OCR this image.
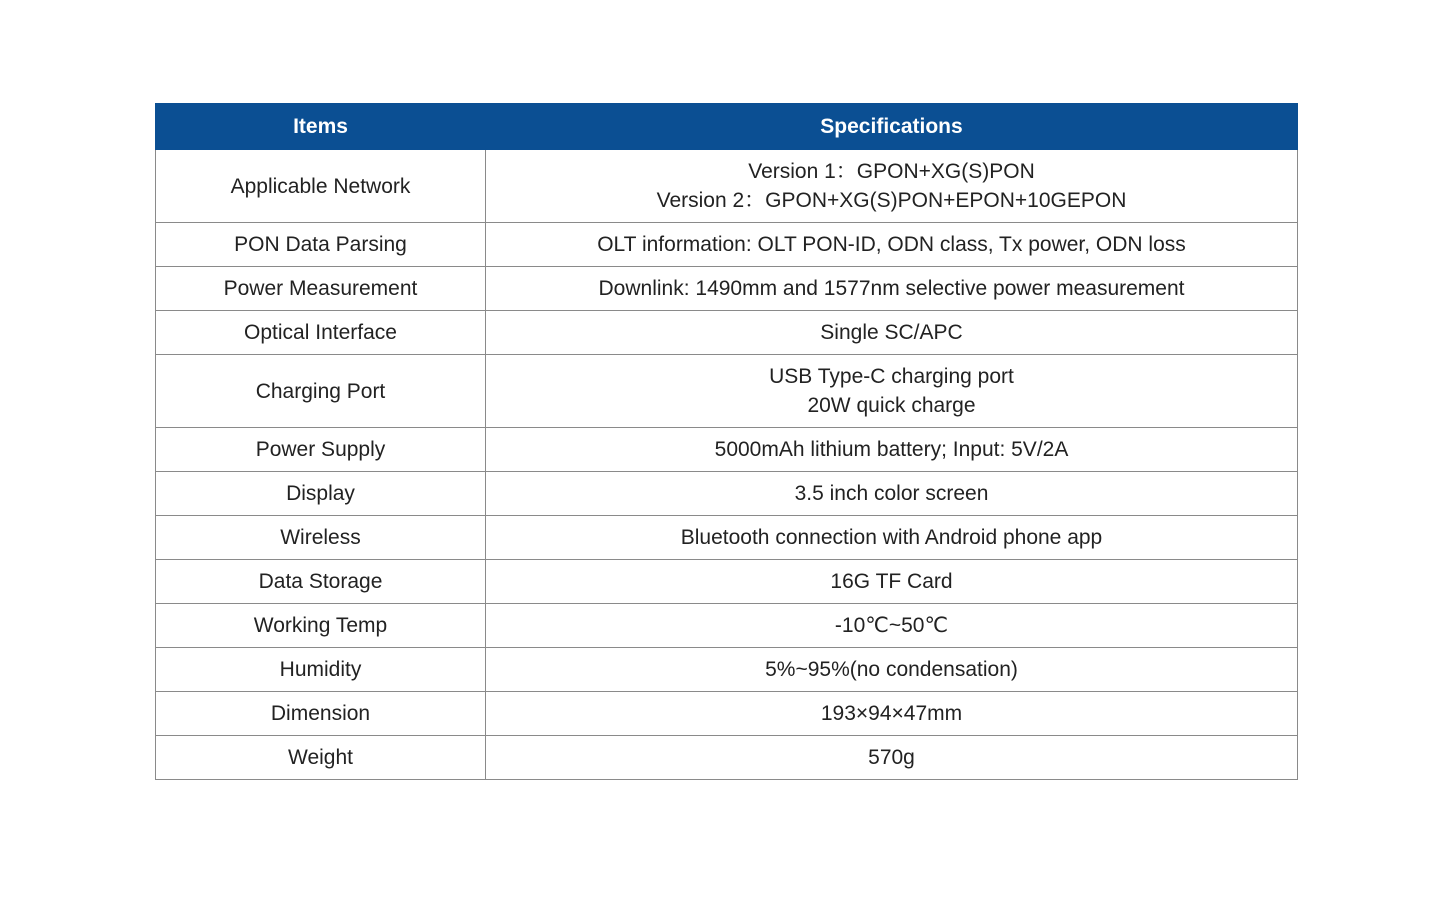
Items	Specifications
Applicable Network	Version 1：GPON+XG(S)PON
Version 2：GPON+XG(S)PON+EPON+10GEPON

PON Data Parsing	OLT information: OLT PON-ID, ODN class, Tx power, ODN loss

Power Measurement	Downlink: 1490mm and 1577nm selective power measurement

Optical Interface	Single SC/APC

Charging Port	USB Type-C charging port
20W quick charge

Power Supply	5000mAh lithium battery; Input: 5V/2A

Display	3.5 inch color screen

Wireless	Bluetooth connection with Android phone app

Data Storage	16G TF Card

Working Temp	-10℃~50℃

Humidity	5%~95%(no condensation)

Dimension	193×94×47mm

Weight	570g
